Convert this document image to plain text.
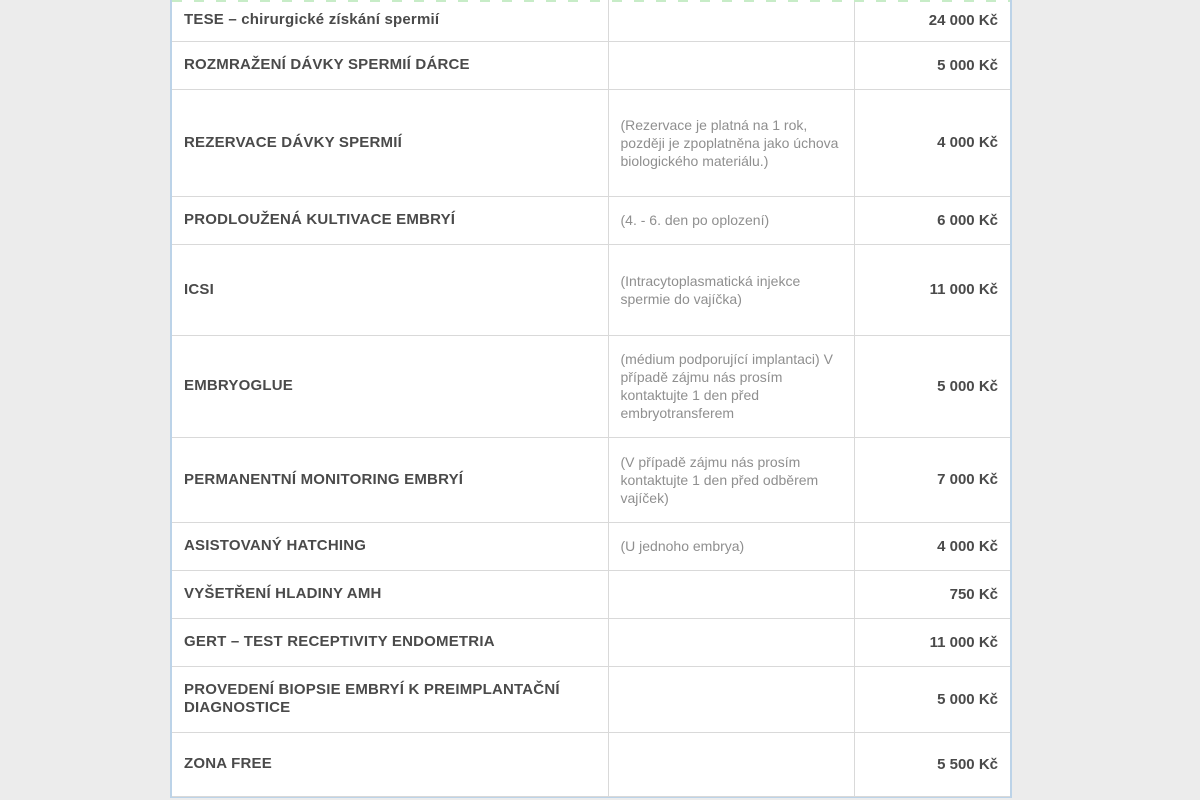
TESE – chirurgické získání spermií		24 000 Kč
ROZMRAŽENÍ DÁVKY SPERMIÍ DÁRCE		5 000 Kč
REZERVACE DÁVKY SPERMIÍ	(Rezervace je platná na 1 rok, později je zpoplatněna jako úchova biologického materiálu.)	4 000 Kč
PRODLOUŽENÁ KULTIVACE EMBRYÍ	(4. - 6. den po oplození)	6 000 Kč
ICSI	(Intracytoplasmatická injekce spermie do vajíčka)	11 000 Kč
EMBRYOGLUE	(médium podporující implantaci) V případě zájmu nás prosím kontaktujte 1 den před embryotransferem	5 000 Kč
PERMANENTNÍ MONITORING EMBRYÍ	(V případě zájmu nás prosím kontaktujte 1 den před odběrem vajíček)	7 000 Kč
ASISTOVANÝ HATCHING	(U jednoho embrya)	4 000 Kč
VYŠETŘENÍ HLADINY AMH		750 Kč
GERT – TEST RECEPTIVITY ENDOMETRIA		11 000 Kč
PROVEDENÍ BIOPSIE EMBRYÍ K PREIMPLANTAČNÍ DIAGNOSTICE		5 000 Kč
ZONA FREE		5 500 Kč
